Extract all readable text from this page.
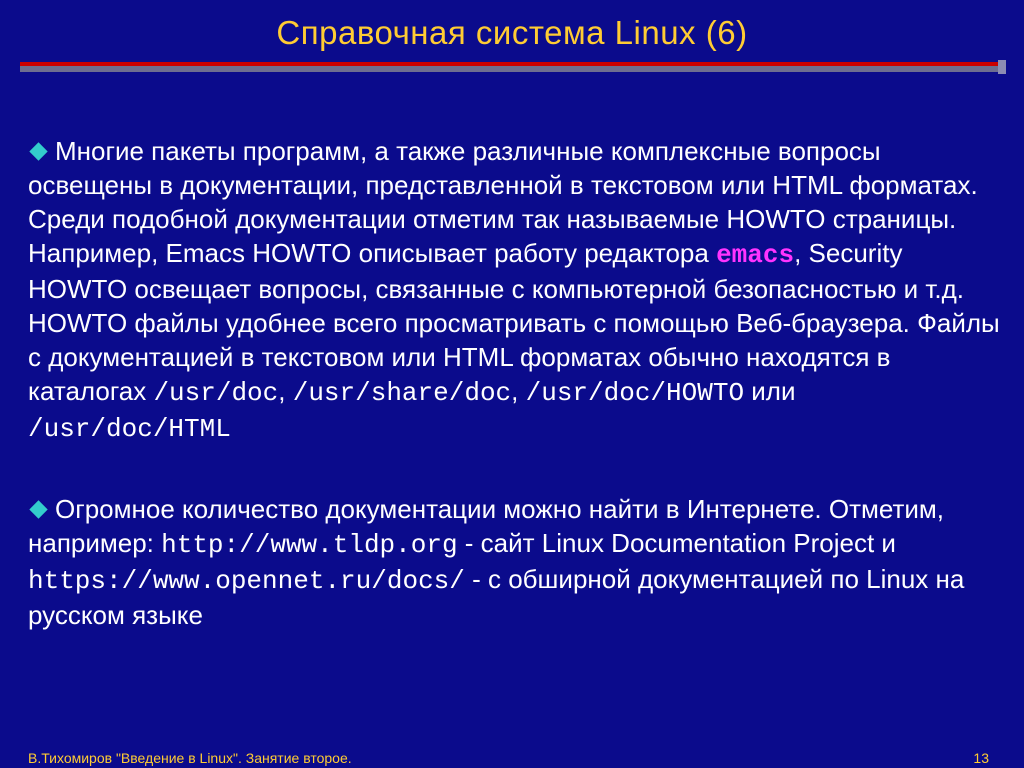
Справочная система Linux (6)

Многие пакеты программ, а также различные комплексные вопросы освещены в документации, представленной в текстовом или HTML форматах. Среди подобной документации отметим так называемые HOWTO страницы. Например, Emacs HOWTO описывает работу редактора emacs, Security HOWTO освещает вопросы, связанные с компьютерной безопасностью и т.д. HOWTO файлы удобнее всего просматривать с помощью Веб-браузера. Файлы с документацией в текстовом или HTML форматах обычно находятся в каталогах /usr/doc, /usr/share/doc, /usr/doc/HOWTO или /usr/doc/HTML

Огромное количество документации можно найти в Интернете. Отметим, например: http://www.tldp.org - сайт Linux Documentation Project и https://www.opennet.ru/docs/ - с обширной документацией по Linux на русском языке

В.Тихомиров "Введение в Linux". Занятие второе.	13
